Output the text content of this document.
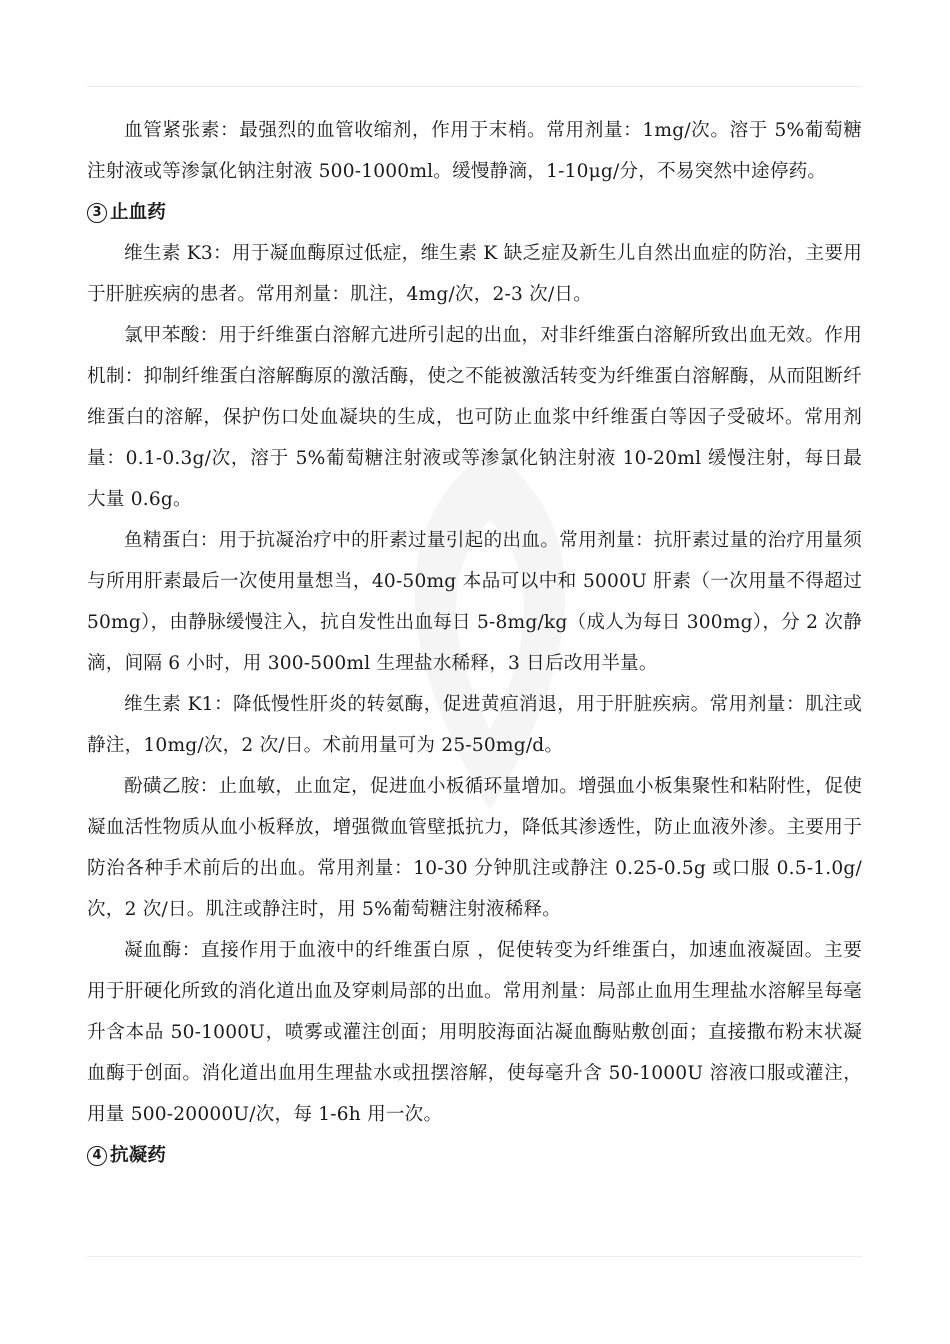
血管紧张素：最强烈的血管收缩剂，作用于末梢。常用剂量：1mg/次。溶于 5%葡萄糖注射液或等渗氯化钠注射液 500-1000ml。缓慢静滴，1-10μg/分，不易突然中途停药。

3 止血药

维生素 K3：用于凝血酶原过低症，维生素 K 缺乏症及新生儿自然出血症的防治，主要用于肝脏疾病的患者。常用剂量：肌注，4mg/次，2-3 次/日。

氯甲苯酸：用于纤维蛋白溶解亢进所引起的出血，对非纤维蛋白溶解所致出血无效。作用机制：抑制纤维蛋白溶解酶原的激活酶，使之不能被激活转变为纤维蛋白溶解酶，从而阻断纤维蛋白的溶解，保护伤口处血凝块的生成，也可防止血浆中纤维蛋白等因子受破坏。常用剂量：0.1-0.3g/次，溶于 5%葡萄糖注射液或等渗氯化钠注射液 10-20ml 缓慢注射，每日最大量 0.6g。

鱼精蛋白：用于抗凝治疗中的肝素过量引起的出血。常用剂量：抗肝素过量的治疗用量须与所用肝素最后一次使用量想当，40-50mg 本品可以中和 5000U 肝素（一次用量不得超过 50mg），由静脉缓慢注入，抗自发性出血每日 5-8mg/kg（成人为每日 300mg），分 2 次静滴，间隔 6 小时，用 300-500ml 生理盐水稀释，3 日后改用半量。

维生素 K1：降低慢性肝炎的转氨酶，促进黄疸消退，用于肝脏疾病。常用剂量：肌注或静注，10mg/次，2 次/日。术前用量可为 25-50mg/d。

酚磺乙胺：止血敏，止血定，促进血小板循环量增加。增强血小板集聚性和粘附性，促使凝血活性物质从血小板释放，增强微血管壁抵抗力，降低其渗透性，防止血液外渗。主要用于防治各种手术前后的出血。常用剂量：10-30 分钟肌注或静注 0.25-0.5g 或口服 0.5-1.0g/次，2 次/日。肌注或静注时，用 5%葡萄糖注射液稀释。

凝血酶：直接作用于血液中的纤维蛋白原 ，促使转变为纤维蛋白，加速血液凝固。主要用于肝硬化所致的消化道出血及穿刺局部的出血。常用剂量：局部止血用生理盐水溶解呈每毫升含本品 50-1000U，喷雾或灌注创面；用明胶海面沾凝血酶贴敷创面；直接撒布粉末状凝血酶于创面。消化道出血用生理盐水或扭摆溶解，使每毫升含 50-1000U 溶液口服或灌注，用量 500-20000U/次，每 1-6h 用一次。

4 抗凝药
